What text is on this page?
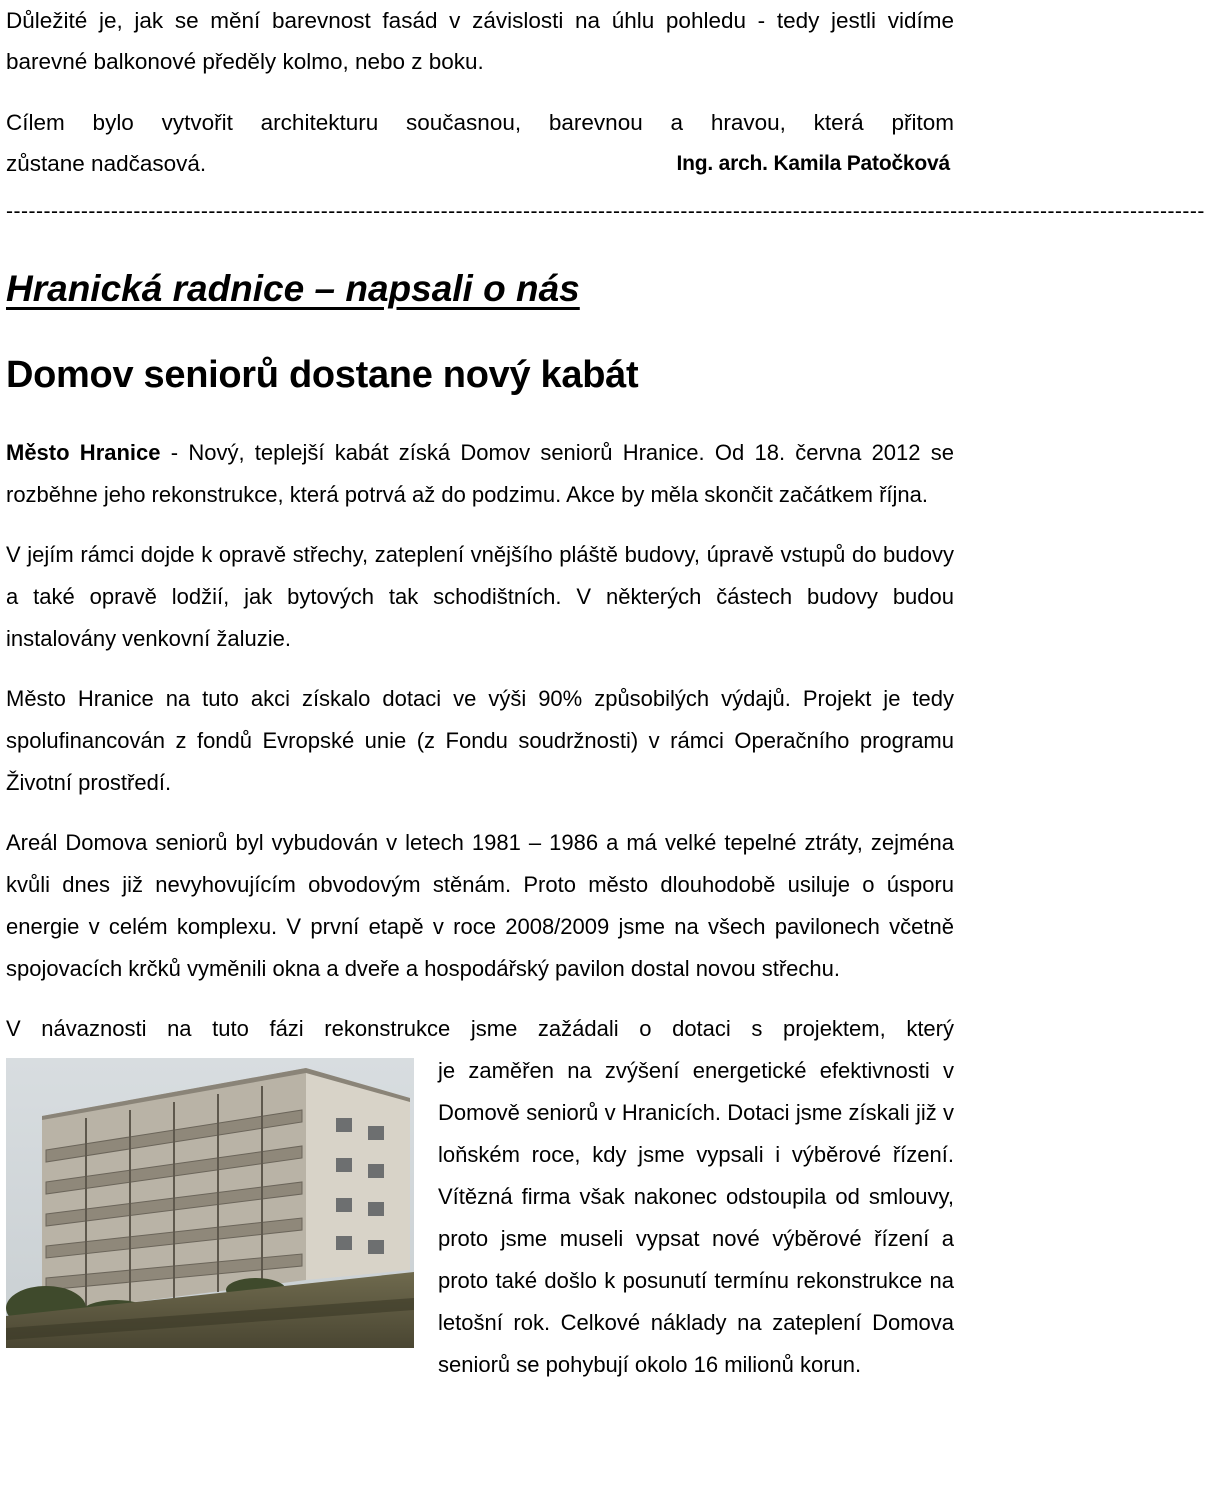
Důležité je, jak se mění barevnost fasád v závislosti na úhlu pohledu - tedy jestli vidíme barevné balkonové předěly kolmo, nebo z boku.

Cílem bylo vytvořit architekturu současnou, barevnou a hravou, která přitom

zůstane nadčasová.	Ing. arch. Kamila Patočková
----------------------------------------------------------------------------------------------------------------------------------------------------------------
Hranická radnice – napsali o nás
Domov seniorů dostane nový kabát

Město Hranice - Nový, teplejší kabát získá Domov seniorů Hranice. Od 18. června 2012 se rozběhne jeho rekonstrukce, která potrvá až do podzimu. Akce by měla skončit začátkem října.

V jejím rámci dojde k opravě střechy, zateplení vnějšího pláště budovy, úpravě vstupů do budovy a také opravě lodžií, jak bytových tak schodištních. V některých částech budovy budou instalovány venkovní žaluzie.

Město Hranice na tuto akci získalo dotaci ve výši 90% způsobilých výdajů. Projekt je tedy spolufinancován z fondů Evropské unie (z Fondu soudržnosti) v rámci Operačního programu Životní prostředí.

Areál Domova seniorů byl vybudován v letech 1981 – 1986 a má velké tepelné ztráty, zejména kvůli dnes již nevyhovujícím obvodovým stěnám. Proto město dlouhodobě usiluje o úsporu energie v celém komplexu. V první etapě v roce 2008/2009 jsme na všech pavilonech včetně spojovacích krčků vyměnili okna a dveře a hospodářský pavilon dostal novou střechu.

V návaznosti na tuto fázi rekonstrukce jsme zažádali o dotaci s projektem, který

je zaměřen na zvýšení energetické efektivnosti v Domově seniorů v Hranicích. Dotaci jsme získali již v loňském roce, kdy jsme vypsali i výběrové řízení. Vítězná firma však nakonec odstoupila od smlouvy, proto jsme museli vypsat nové výběrové řízení a proto také došlo k posunutí termínu rekonstrukce na letošní rok. Celkové náklady na zateplení Domova seniorů se pohybují okolo 16 milionů korun.
